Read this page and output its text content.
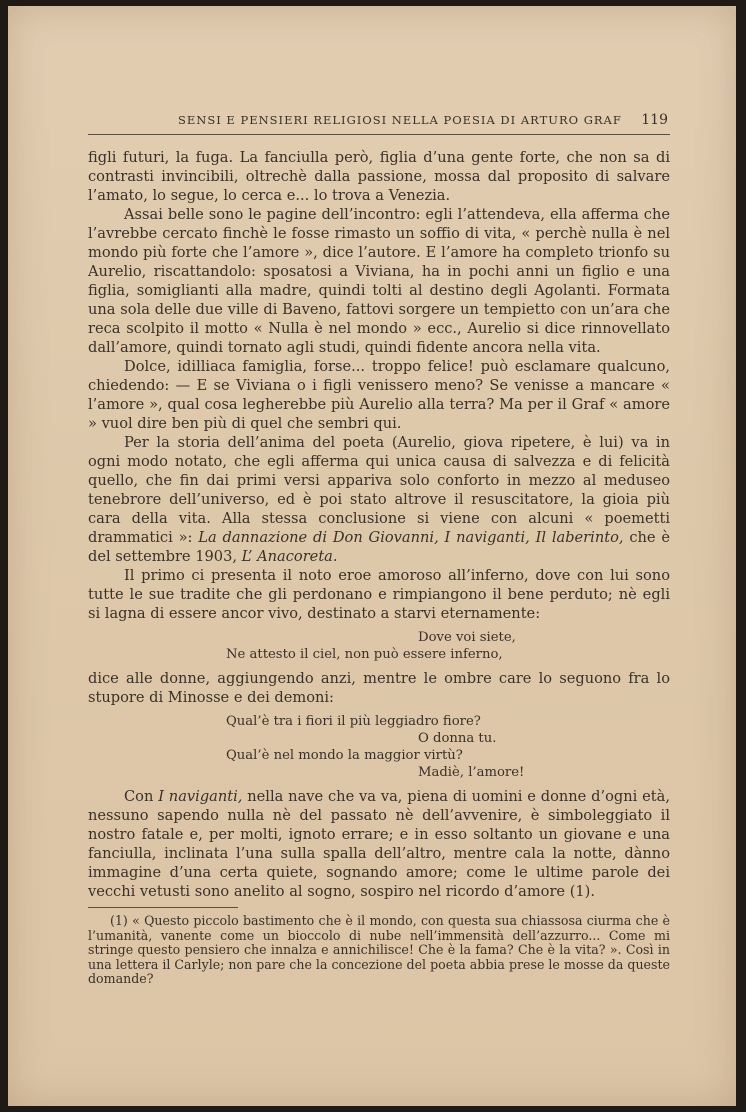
SENSI E PENSIERI RELIGIOSI NELLA POESIA DI ARTURO GRAF 119

figli futuri, la fuga. La fanciulla però, figlia d’una gente forte, che non sa di contrasti invincibili, oltrechè dalla passione, mossa dal proposito di salvare l’amato, lo segue, lo cerca e... lo trova a Venezia.

Assai belle sono le pagine dell’incontro: egli l’attendeva, ella afferma che l’avrebbe cercato finchè le fosse rimasto un soffio di vita, « perchè nulla è nel mondo più forte che l’amore », dice l’autore. E l’amore ha completo trionfo su Aurelio, riscattandolo: sposatosi a Viviana, ha in pochi anni un figlio e una figlia, somiglianti alla madre, quindi tolti al destino degli Agolanti. Formata una sola delle due ville di Baveno, fattovi sorgere un tempietto con un’ara che reca scolpito il motto « Nulla è nel mondo » ecc., Aurelio si dice rinnovellato dall’amore, quindi tornato agli studi, quindi fidente ancora nella vita.

Dolce, idilliaca famiglia, forse... troppo felice! può esclamare qualcuno, chiedendo: — E se Viviana o i figli venissero meno? Se venisse a mancare « l’amore », qual cosa legherebbe più Aurelio alla terra? Ma per il Graf « amore » vuol dire ben più di quel che sembri qui.

Per la storia dell’anima del poeta (Aurelio, giova ripetere, è lui) va in ogni modo notato, che egli afferma qui unica causa di salvezza e di felicità quello, che fin dai primi versi appariva solo conforto in mezzo al meduseo tenebrore dell’universo, ed è poi stato altrove il resuscitatore, la gioia più cara della vita. Alla stessa conclusione si viene con alcuni « poemetti drammatici »: La dannazione di Don Giovanni, I naviganti, Il laberinto, che è del settembre 1903, L’ Anacoreta.

Il primo ci presenta il noto eroe amoroso all’inferno, dove con lui sono tutte le sue tradite che gli perdonano e rimpiangono il bene perduto; nè egli si lagna di essere ancor vivo, destinato a starvi eternamente:

Dove voi siete,
Ne attesto il ciel, non può essere inferno,

dice alle donne, aggiungendo anzi, mentre le ombre care lo seguono fra lo stupore di Minosse e dei demoni:

Qual’è tra i fiori il più leggiadro fiore?
O donna tu.
Qual’è nel mondo la maggior virtù?
Madiè, l’amore!

Con I naviganti, nella nave che va va, piena di uomini e donne d’ogni età, nessuno sapendo nulla nè del passato nè dell’avvenire, è simboleggiato il nostro fatale e, per molti, ignoto errare; e in esso soltanto un giovane e una fanciulla, inclinata l’una sulla spalla dell’altro, mentre cala la notte, dànno immagine d’una certa quiete, sognando amore; come le ultime parole dei vecchi vetusti sono anelito al sogno, sospiro nel ricordo d’amore (1).

(1) « Questo piccolo bastimento che è il mondo, con questa sua chiassosa ciurma che è l’umanità, vanente come un bioccolo di nube nell’immensità dell’azzurro... Come mi stringe questo pensiero che innalza e annichilisce! Che è la fama? Che è la vita? ». Così in una lettera il Carlyle; non pare che la concezione del poeta abbia prese le mosse da queste domande?
